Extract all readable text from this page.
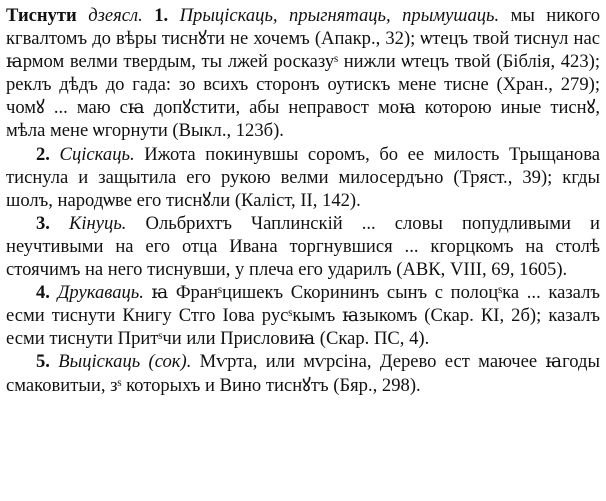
Тиснути дзеясл. 1. Прыціскаць, прыгнятаць, прымушаць. мы никого кгвалтомъ до вѣры тиснꙋти не хочемъ (Апакр., 32); ѡтецъ твой тиснул нас ꙗрмом велми твердым, ты лжей росказуˢ нижли ѡтецъ твой (Біблія, 423); реклъ дѣдъ до гада: зо всихъ сторонъ оутискъ мене тисне (Хран., 279); чомꙋ ... маю сꙗ допꙋстити, абы неправост моꙗ которою иные тиснꙋ, мѣла мене ѡгорнути (Выкл., 123б).

2. Сціскаць. Ижота покинувшы соромъ, бо ее милость Трыщанова тиснула и защытила его рукою велми милосердъно (Тряст., 39); кгды шолъ, народѡве его тиснꙋли (Каліст, II, 142).

3. Кінуць. Ольбрихтъ Чаплинскій ... словы попудливыми и неучтивыми на его отца Ивана торгнувшися ... кгорцкомъ на столѣ стоячимъ на него тиснувши, у плеча его ударилъ (АВК, VIII, 69, 1605).

4. Друкаваць. ꙗ Франˢцишекъ Скорининъ сынъ с полоцˢка ... казалъ есми тиснути Книгу Стго Іова русˢкымъ ꙗзыкомъ (Скар. КІ, 2б); казалъ есми тиснути Притˢчи или Присловиꙗ (Скар. ПС, 4).

5. Выціскаць (сок). Мѵрта, или мѵрсіна, Дерево ест маючее ꙗгоды смаковитыи, зˢ которыхъ и Вино тиснꙋтъ (Бяр., 298).
